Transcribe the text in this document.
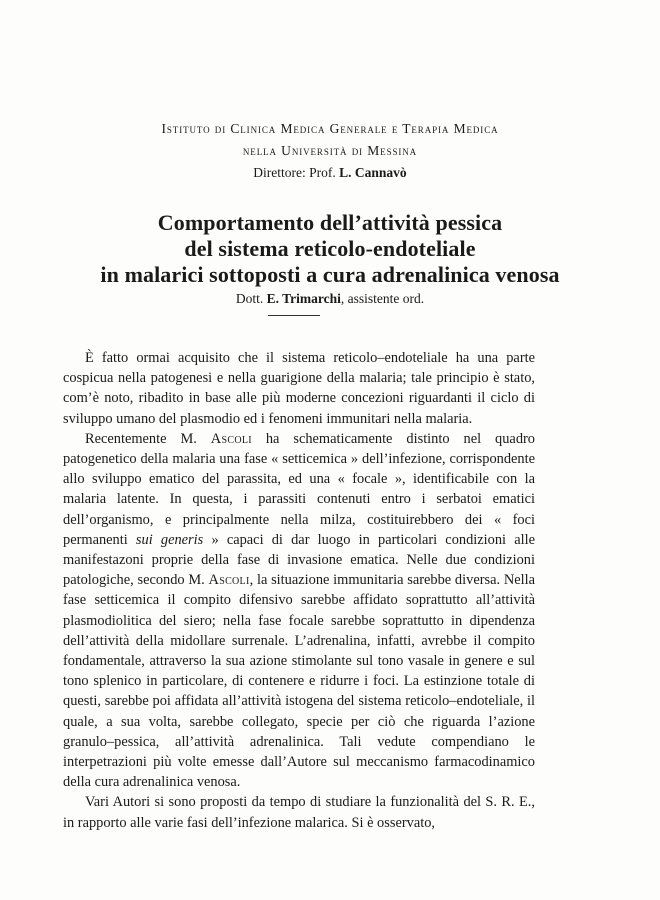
Istituto di Clinica Medica Generale e Terapia Medica
nella Università di Messina
Direttore: Prof. L. Cannavò
Comportamento dell’attività pessica
del sistema reticolo-endoteliale
in malarici sottoposti a cura adrenalinica venosa
Dott. E. Trimarchi, assistente ord.

È fatto ormai acquisito che il sistema reticolo–endoteliale ha una parte cospicua nella patogenesi e nella guarigione della malaria; tale principio è stato, com’è noto, ribadito in base alle più moderne concezioni riguardanti il ciclo di sviluppo umano del plasmodio ed i fenomeni immunitari nella malaria.

Recentemente M. Ascoli ha schematicamente distinto nel quadro patogenetico della malaria una fase « setticemica » dell’infezione, corrispondente allo sviluppo ematico del parassita, ed una « focale », identificabile con la malaria latente. In questa, i parassiti contenuti entro i serbatoi ematici dell’organismo, e principalmente nella milza, costituirebbero dei « foci permanenti sui generis » capaci di dar luogo in particolari condizioni alle manifestazoni proprie della fase di invasione ematica. Nelle due condizioni patologiche, secondo M. Ascoli, la situazione immunitaria sarebbe diversa. Nella fase setticemica il compito difensivo sarebbe affidato soprattutto all’attività plasmodiolitica del siero; nella fase focale sarebbe soprattutto in dipendenza dell’attività della midollare surrenale. L’adrenalina, infatti, avrebbe il compito fondamentale, attraverso la sua azione stimolante sul tono vasale in genere e sul tono splenico in particolare, di contenere e ridurre i foci. La estinzione totale di questi, sarebbe poi affidata all’attività istogena del sistema reticolo–endoteliale, il quale, a sua volta, sarebbe collegato, specie per ciò che riguarda l’azione granulo–pessica, all’attività adrenalinica. Tali vedute compendiano le interpetrazioni più volte emesse dall’Autore sul meccanismo farmacodinamico della cura adrenalinica venosa.

Vari Autori si sono proposti da tempo di studiare la funzionalità del S. R. E., in rapporto alle varie fasi dell’infezione malarica. Si è osservato,
